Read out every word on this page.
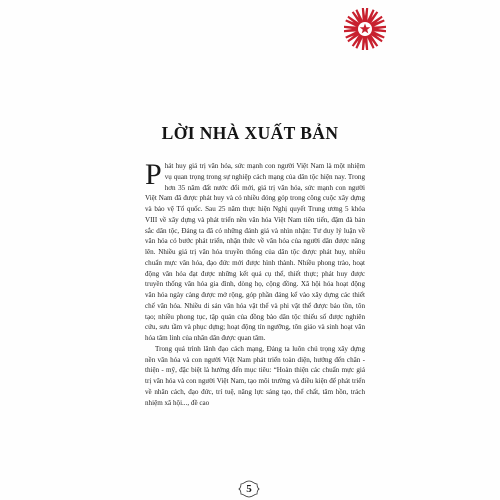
LỜI NHÀ XUẤT BẢN

Phát huy giá trị văn hóa, sức mạnh con người Việt Nam là một nhiệm vụ quan trọng trong sự nghiệp cách mạng của dân tộc hiện nay. Trong hơn 35 năm đất nước đổi mới, giá trị văn hóa, sức mạnh con người Việt Nam đã được phát huy và có nhiều đóng góp trong công cuộc xây dựng và bảo vệ Tổ quốc. Sau 25 năm thực hiện Nghị quyết Trung ương 5 khóa VIII về xây dựng và phát triển nền văn hóa Việt Nam tiên tiến, đậm đà bản sắc dân tộc, Đảng ta đã có những đánh giá và nhìn nhận: Tư duy lý luận về văn hóa có bước phát triển, nhận thức về văn hóa của người dân được nâng lên. Nhiều giá trị văn hóa truyền thống của dân tộc được phát huy, nhiều chuẩn mực văn hóa, đạo đức mới được hình thành. Nhiều phong trào, hoạt động văn hóa đạt được những kết quả cụ thể, thiết thực; phát huy được truyền thống văn hóa gia đình, dòng họ, cộng đồng. Xã hội hóa hoạt động văn hóa ngày càng được mở rộng, góp phần đáng kể vào xây dựng các thiết chế văn hóa. Nhiều di sản văn hóa vật thể và phi vật thể được bảo tồn, tôn tạo; nhiều phong tục, tập quán của đồng bào dân tộc thiểu số được nghiên cứu, sưu tầm và phục dựng; hoạt động tín ngưỡng, tôn giáo và sinh hoạt văn hóa tâm linh của nhân dân được quan tâm.

Trong quá trình lãnh đạo cách mạng, Đảng ta luôn chú trọng xây dựng nền văn hóa và con người Việt Nam phát triển toàn diện, hướng đến chân - thiện - mỹ, đặc biệt là hướng đến mục tiêu: “Hoàn thiện các chuẩn mực giá trị văn hóa và con người Việt Nam, tạo môi trường và điều kiện để phát triển về nhân cách, đạo đức, trí tuệ, năng lực sáng tạo, thể chất, tâm hồn, trách nhiệm xã hội..., đề cao

5
